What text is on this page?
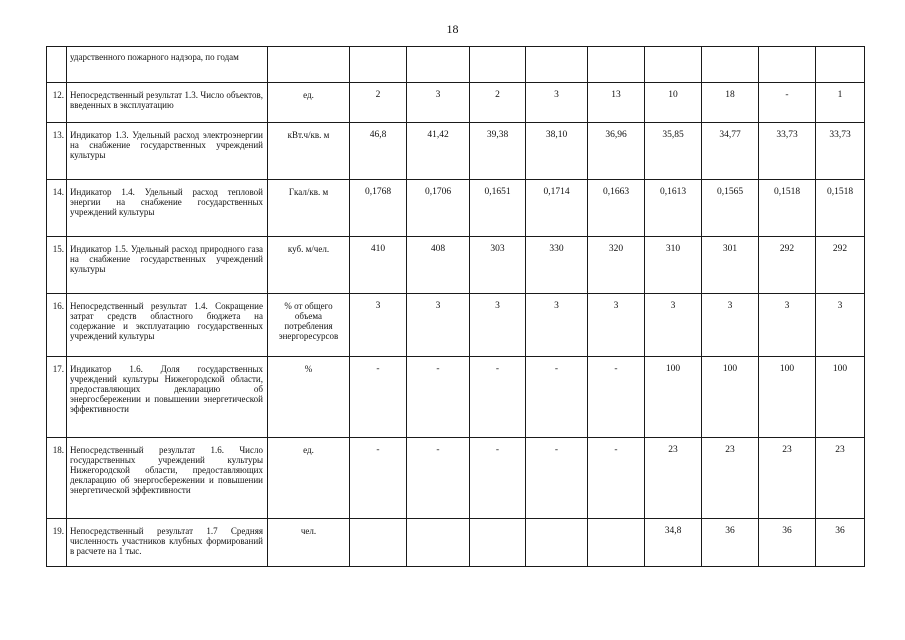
18
	ударственного пожарного надзора, по годам										
12.	Непосредственный результат 1.3. Число объектов, введенных в эксплуатацию	ед.	2	3	2	3	13	10	18	-	1
13.	Индикатор 1.3. Удельный расход электроэнергии на снабжение государственных учреждений культуры	кВт.ч/кв. м	46,8	41,42	39,38	38,10	36,96	35,85	34,77	33,73	33,73
14.	Индикатор 1.4. Удельный расход тепловой энергии на снабжение государственных учреждений культуры	Гкал/кв. м	0,1768	0,1706	0,1651	0,1714	0,1663	0,1613	0,1565	0,1518	0,1518
15.	Индикатор 1.5. Удельный расход природного газа на снабжение государственных учреждений культуры	куб. м/чел.	410	408	303	330	320	310	301	292	292
16.	Непосредственный результат 1.4. Сокращение затрат средств областного бюджета на содержание и эксплуатацию государственных учреждений культуры	% от общего объема потребления энергоресурсов	3	3	3	3	3	3	3	3	3
17.	Индикатор 1.6. Доля государственных учреждений культуры Нижегородской области, предоставляющих декларацию об энергосбережении и повышении энергетической эффективности	%	-	-	-	-	-	100	100	100	100
18.	Непосредственный результат 1.6. Число государственных учреждений культуры Нижегородской области, предоставляющих декларацию об энергосбережении и повышении энергетической эффективности	ед.	-	-	-	-	-	23	23	23	23
19.	Непосредственный результат 1.7 Средняя численность участников клубных формирований в расчете на 1 тыс.	чел.						34,8	36	36	36
